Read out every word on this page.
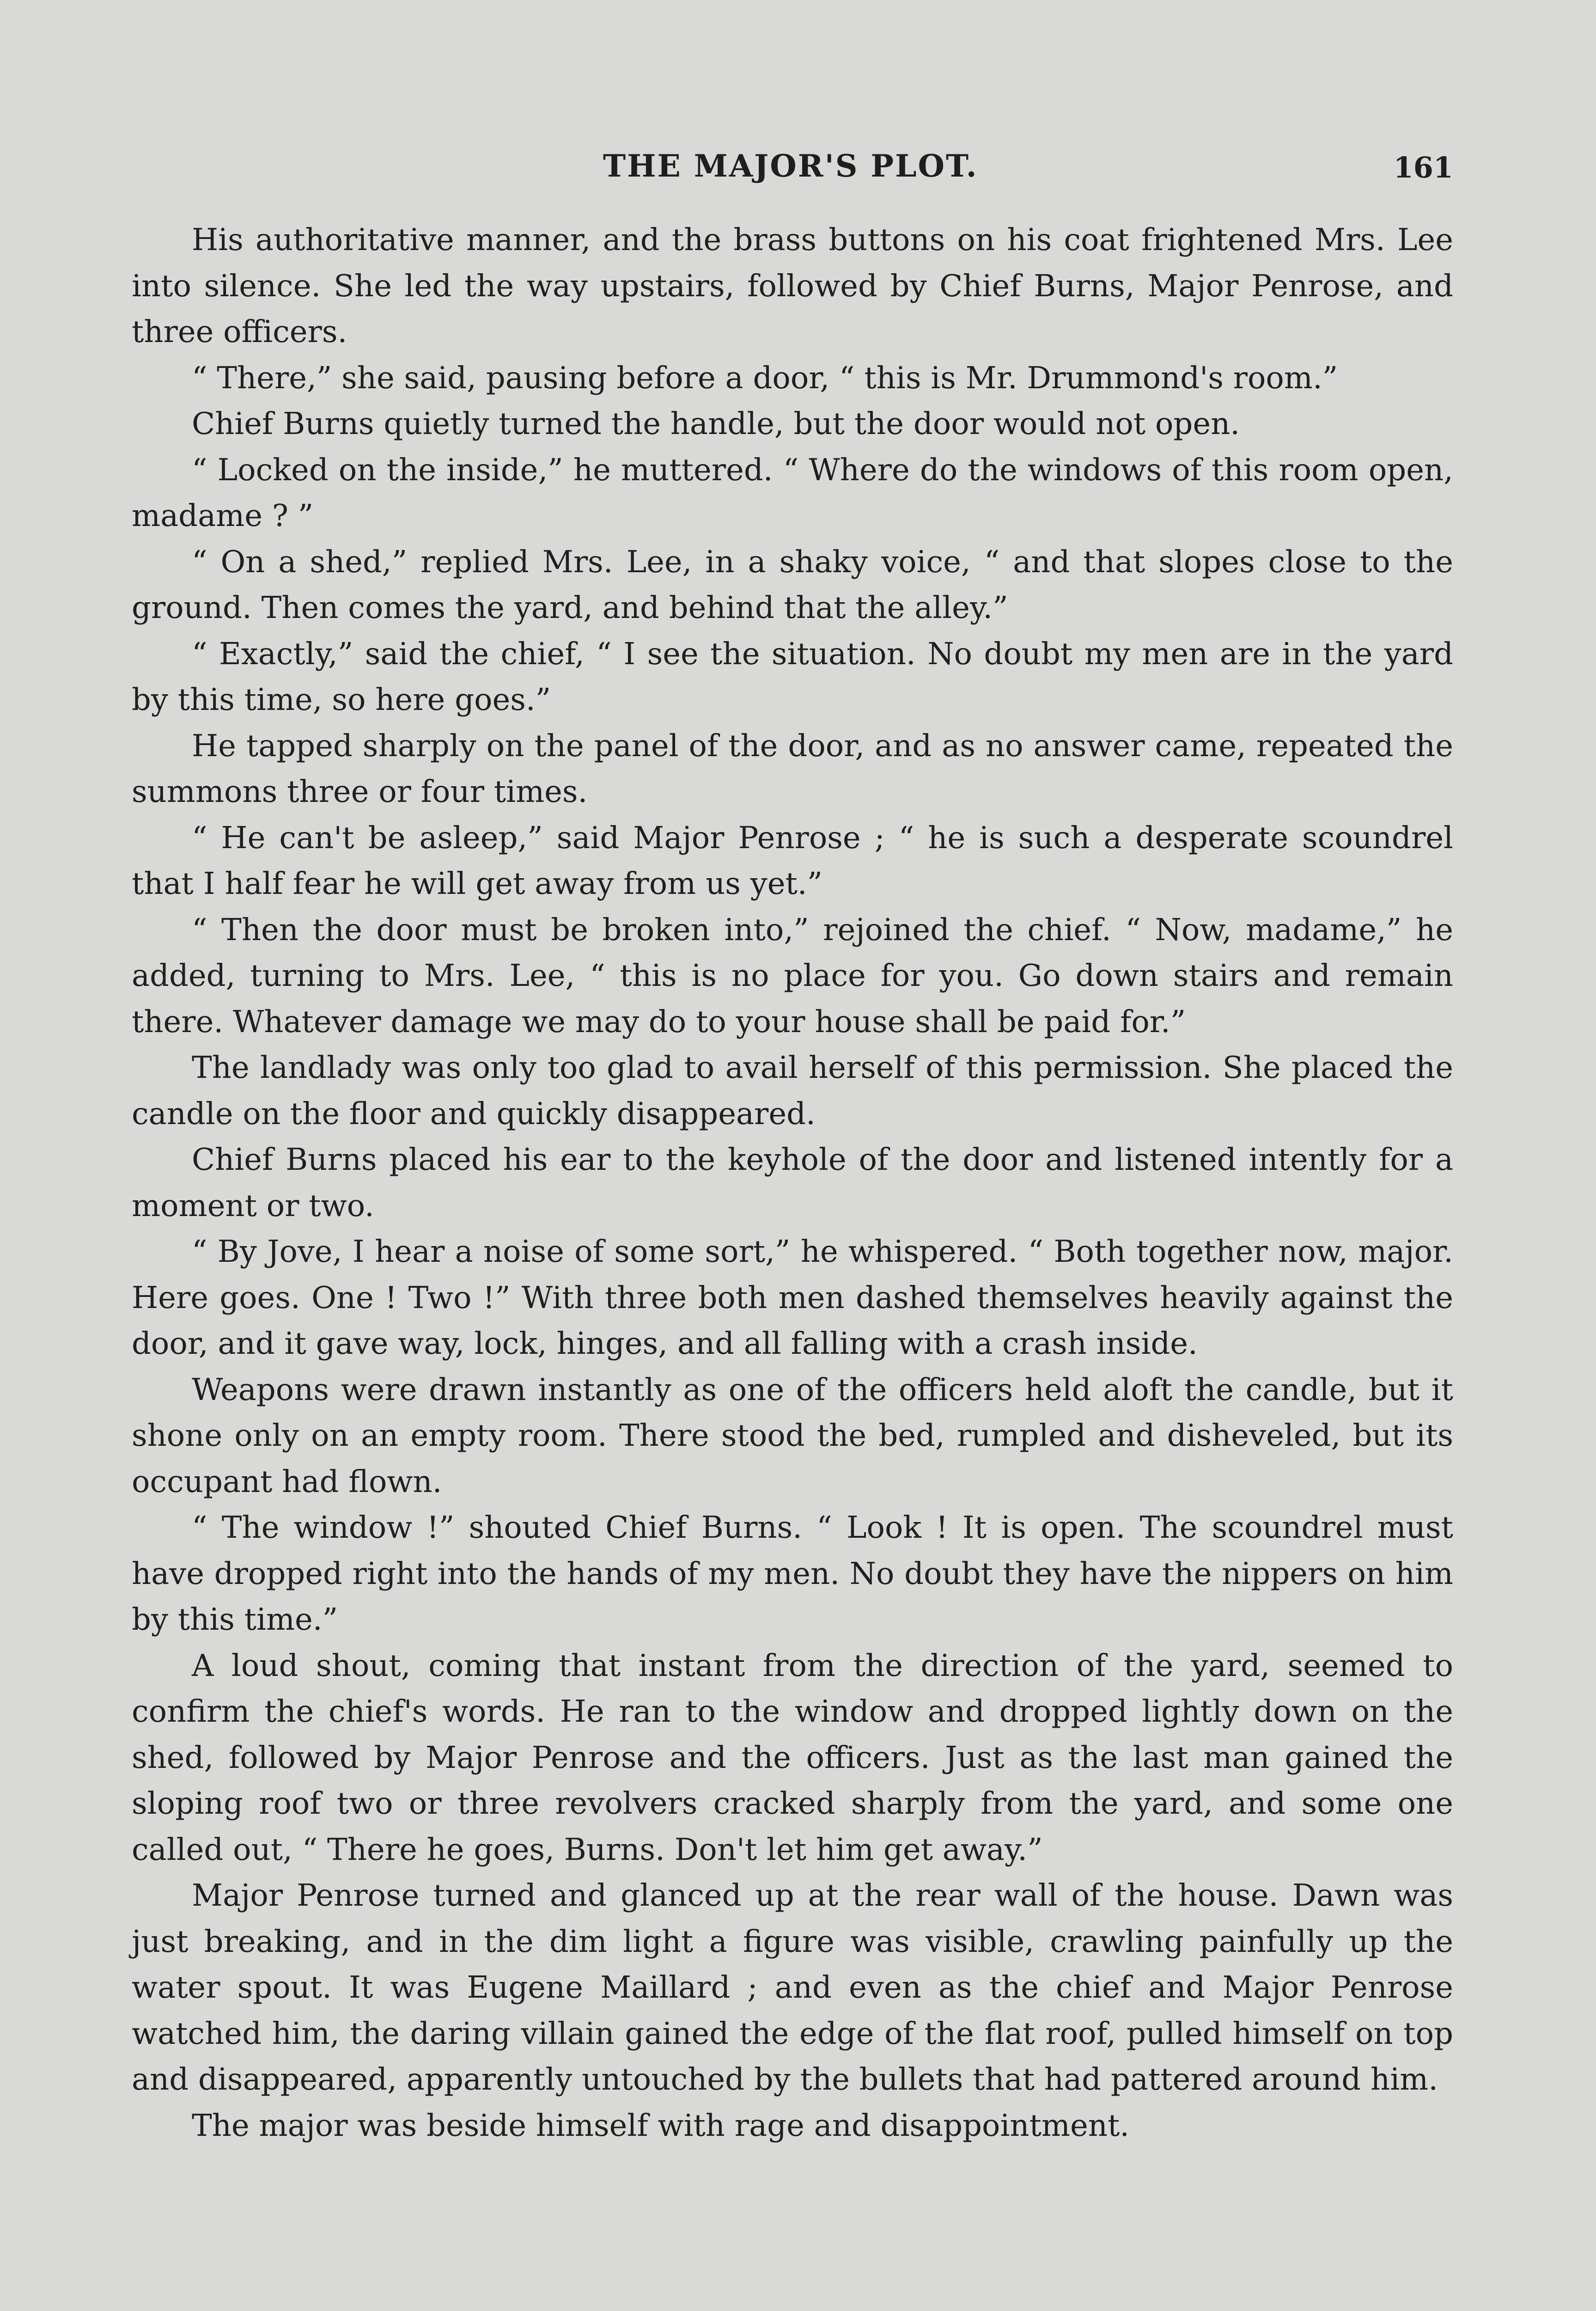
THE MAJOR'S PLOT.	161

His authoritative manner, and the brass buttons on his coat frightened Mrs. Lee into silence. She led the way upstairs, followed by Chief Burns, Major Penrose, and three officers.

“ There,” she said, pausing before a door, “ this is Mr. Drummond's room.”

Chief Burns quietly turned the handle, but the door would not open.

“ Locked on the inside,” he muttered. “ Where do the windows of this room open, madame ? ”

“ On a shed,” replied Mrs. Lee, in a shaky voice, “ and that slopes close to the ground. Then comes the yard, and behind that the alley.”

“ Exactly,” said the chief, “ I see the situation. No doubt my men are in the yard by this time, so here goes.”

He tapped sharply on the panel of the door, and as no answer came, repeated the summons three or four times.

“ He can't be asleep,” said Major Penrose ; “ he is such a desperate scoundrel that I half fear he will get away from us yet.”

“ Then the door must be broken into,” rejoined the chief. “ Now, madame,” he added, turning to Mrs. Lee, “ this is no place for you. Go down stairs and remain there. Whatever damage we may do to your house shall be paid for.”

The landlady was only too glad to avail herself of this permission. She placed the candle on the floor and quickly disappeared.

Chief Burns placed his ear to the keyhole of the door and listened intently for a moment or two.

“ By Jove, I hear a noise of some sort,” he whispered. “ Both together now, major. Here goes. One ! Two !” With three both men dashed themselves heavily against the door, and it gave way, lock, hinges, and all falling with a crash inside.

Weapons were drawn instantly as one of the officers held aloft the candle, but it shone only on an empty room. There stood the bed, rumpled and disheveled, but its occupant had flown.

“ The window !” shouted Chief Burns. “ Look ! It is open. The scoundrel must have dropped right into the hands of my men. No doubt they have the nippers on him by this time.”

A loud shout, coming that instant from the direction of the yard, seemed to confirm the chief's words. He ran to the window and dropped lightly down on the shed, followed by Major Penrose and the officers. Just as the last man gained the sloping roof two or three revolvers cracked sharply from the yard, and some one called out, “ There he goes, Burns. Don't let him get away.”

Major Penrose turned and glanced up at the rear wall of the house. Dawn was just breaking, and in the dim light a figure was visible, crawling painfully up the water spout. It was Eugene Maillard ; and even as the chief and Major Penrose watched him, the daring villain gained the edge of the flat roof, pulled himself on top and disappeared, apparently untouched by the bullets that had pattered around him.

The major was beside himself with rage and disappointment.
